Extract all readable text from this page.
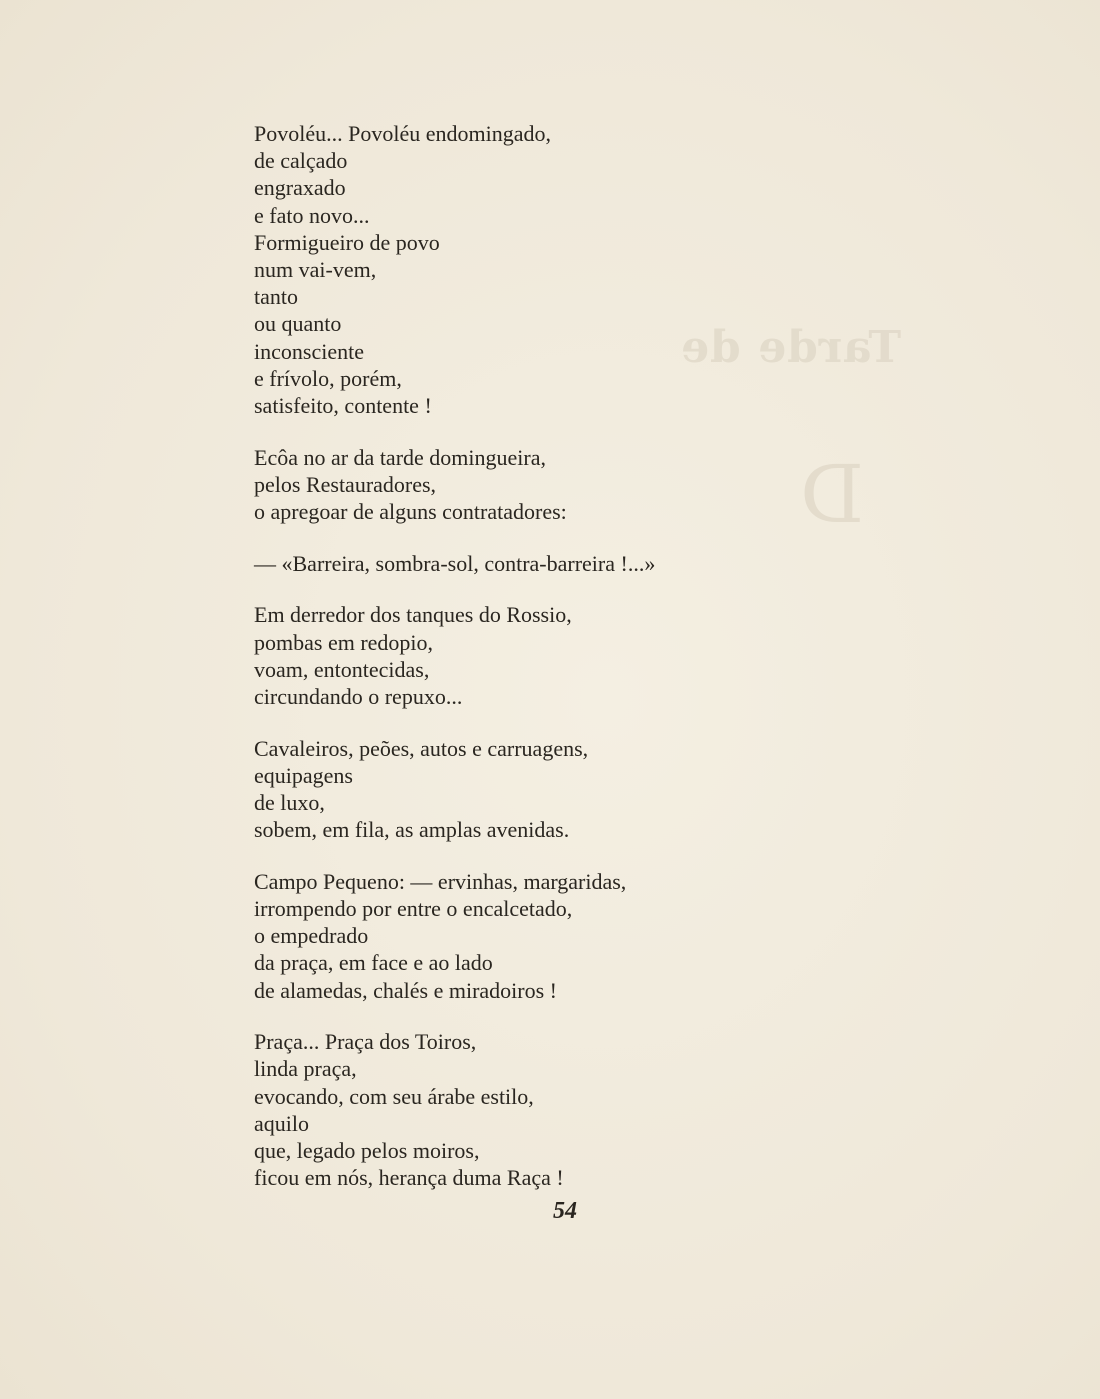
Tarde de
D
Povoléu... Povoléu endomingado,
de calçado
engraxado
e fato novo...
Formigueiro de povo
num vai-vem,
tanto
ou quanto
inconsciente
e frívolo, porém,
satisfeito, contente !
Ecôa no ar da tarde domingueira,
pelos Restauradores,
o apregoar de alguns contratadores:
— «Barreira, sombra-sol, contra-barreira !...»
Em derredor dos tanques do Rossio,
pombas em redopio,
voam, entontecidas,
circundando o repuxo...
Cavaleiros, peões, autos e carruagens,
equipagens
de luxo,
sobem, em fila, as amplas avenidas.
Campo Pequeno: — ervinhas, margaridas,
irrompendo por entre o encalcetado,
o empedrado
da praça, em face e ao lado
de alamedas, chalés e miradoiros !
Praça... Praça dos Toiros,
linda praça,
evocando, com seu árabe estilo,
aquilo
que, legado pelos moiros,
ficou em nós, herança duma Raça !
54
